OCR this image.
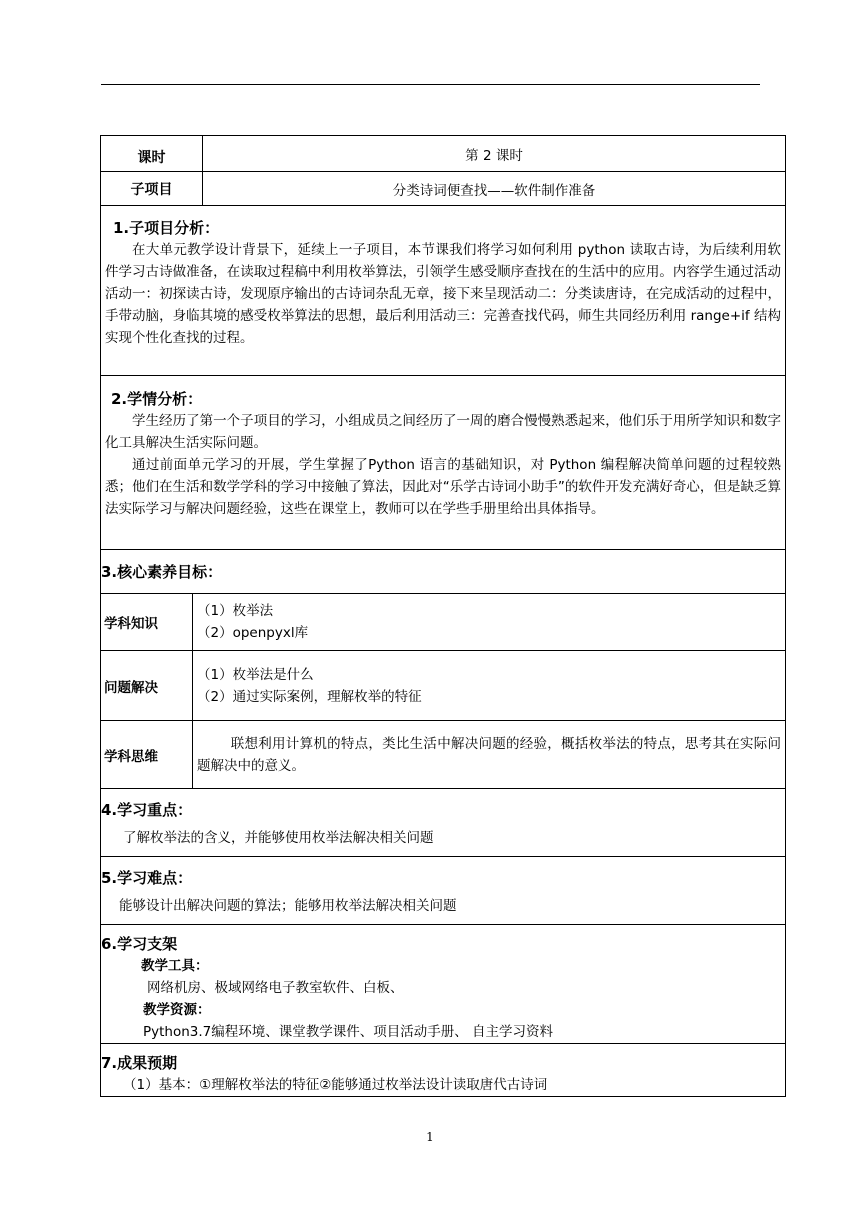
课时		第 2 课时
子项目		分类诗词便查找——软件制作准备

1.子项目分析：

在大单元教学设计背景下，延续上一子项目，本节课我们将学习如何利用 python 读取古诗，为后续利用软件学习古诗做准备，在读取过程稿中利用枚举算法，引领学生感受顺序查找在的生活中的应用。内容学生通过活动活动一：初探读古诗，发现原序输出的古诗词杂乱无章，接下来呈现活动二：分类读唐诗，在完成活动的过程中，手带动脑，身临其境的感受枚举算法的思想，最后利用活动三：完善查找代码，师生共同经历利用 range+if 结构实现个性化查找的过程。		

2.学情分析：

学生经历了第一个子项目的学习，小组成员之间经历了一周的磨合慢慢熟悉起来，他们乐于用所学知识和数字化工具解决生活实际问题。

通过前面单元学习的开展，学生掌握了Python 语言的基础知识，对 Python 编程解决简单问题的过程较熟悉；他们在生活和数学学科的学习中接触了算法，因此对“乐学古诗词小助手”的软件开发充满好奇心，但是缺乏算法实际学习与解决问题经验，这些在课堂上，教师可以在学些手册里给出具体指导。		

3.核心素养目标：		

学科知识	（1）枚举法
（2）openpyxl库	

问题解决	（1）枚举法是什么
（2）通过实际案例，理解枚举的特征	

学科思维	联想利用计算机的特点，类比生活中解决问题的经验，概括枚举法的特点，思考其在实际问题解决中的意义。	

4.学习重点：
了解枚举法的含义，并能够使用枚举法解决相关问题		

5.学习难点：
能够设计出解决问题的算法；能够用枚举法解决相关问题		

6.学习支架
教学工具：
网络机房、极域网络电子教室软件、白板、
教学资源：
Python3.7编程环境、课堂教学课件、项目活动手册、 自主学习资料		

7.成果预期
（1）基本：①理解枚举法的特征②能够通过枚举法设计读取唐代古诗词		
1
